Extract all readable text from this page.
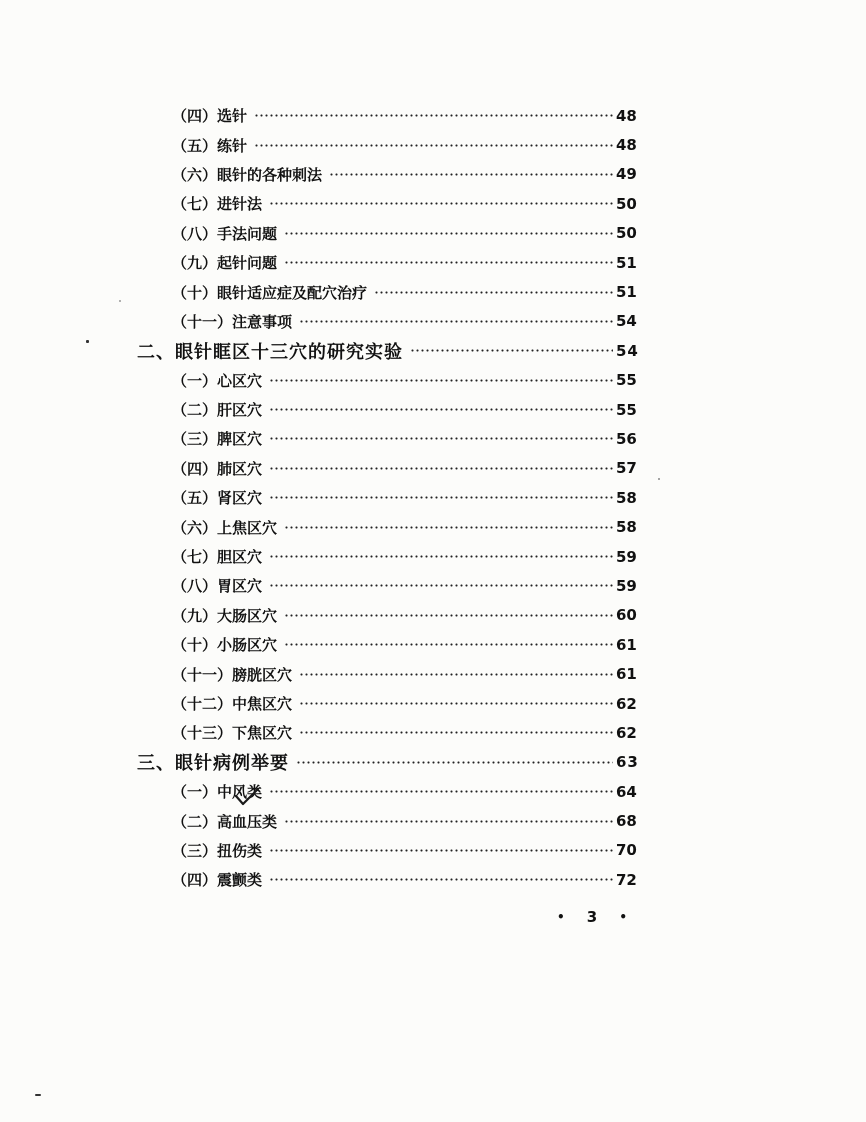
（四）选针	48
（五）练针	48
（六）眼针的各种刺法	49
（七）进针法	50
（八）手法问题	50
（九）起针问题	51
（十）眼针适应症及配穴治疗	51
（十一）注意事项	54
二、眼针眶区十三穴的研究实验	54
（一）心区穴	55
（二）肝区穴	55
（三）脾区穴	56
（四）肺区穴	57
（五）肾区穴	58
（六）上焦区穴	58
（七）胆区穴	59
（八）胃区穴	59
（九）大肠区穴	60
（十）小肠区穴	61
（十一）膀胱区穴	61
（十二）中焦区穴	62
（十三）下焦区穴	62
三、眼针病例举要	63
（一）中风类	64
（二）高血压类	68
（三）扭伤类	70
（四）震颤类	72
• 3 •
